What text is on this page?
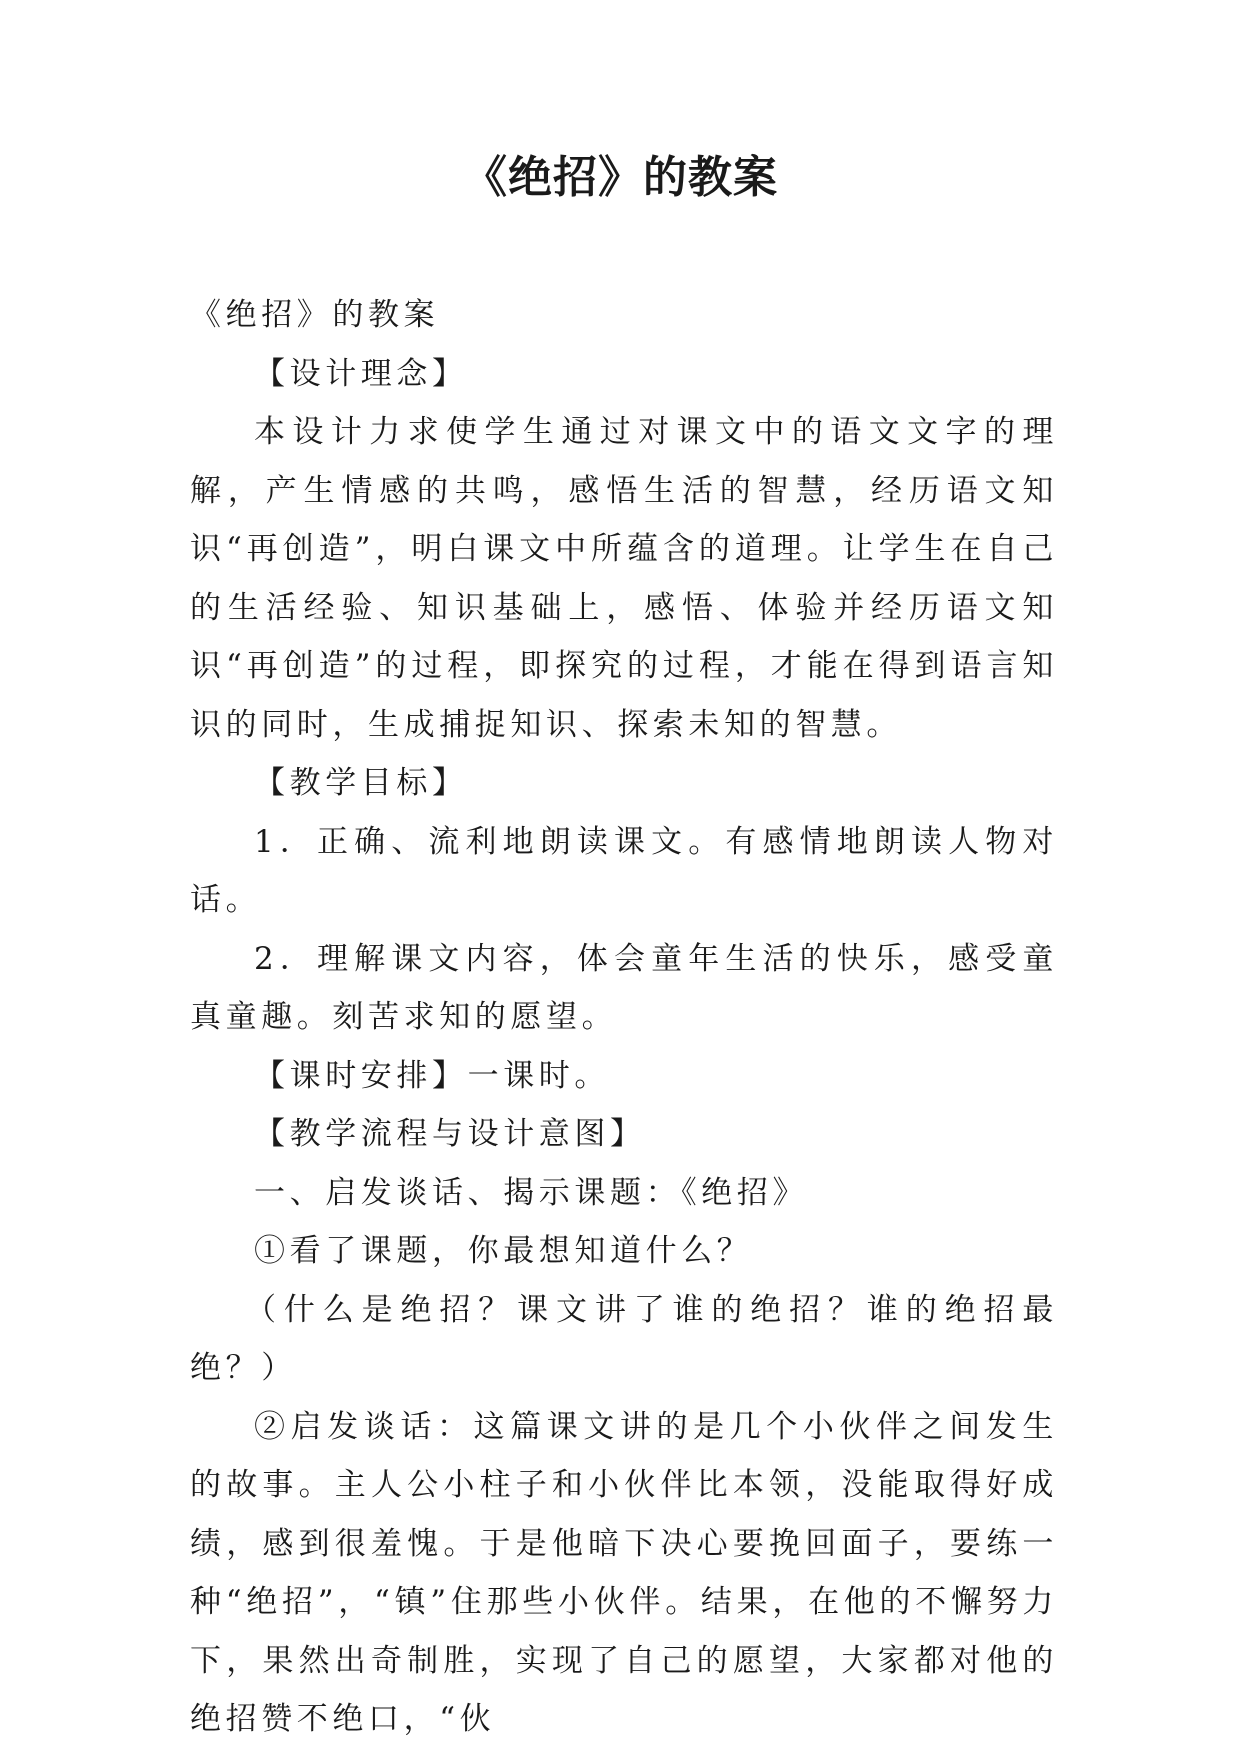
《绝招》的教案

《绝招》的教案

【设计理念】

本设计力求使学生通过对课文中的语文文字的理解，产生情感的共鸣，感悟生活的智慧，经历语文知识“再创造”，明白课文中所蕴含的道理。让学生在自己的生活经验、知识基础上，感悟、体验并经历语文知识“再创造”的过程，即探究的过程，才能在得到语言知识的同时，生成捕捉知识、探索未知的智慧。

【教学目标】

1．正确、流利地朗读课文。有感情地朗读人物对话。

2．理解课文内容，体会童年生活的快乐，感受童真童趣。刻苦求知的愿望。

【课时安排】一课时。

【教学流程与设计意图】

一、启发谈话、揭示课题：《绝招》

①看了课题，你最想知道什么？

（什么是绝招？课文讲了谁的绝招？谁的绝招最绝？）

②启发谈话：这篇课文讲的是几个小伙伴之间发生的故事。主人公小柱子和小伙伴比本领，没能取得好成绩，感到很羞愧。于是他暗下决心要挽回面子，要练一种“绝招”，“镇”住那些小伙伴。结果，在他的不懈努力下，果然出奇制胜，实现了自己的愿望，大家都对他的绝招赞不绝口，“伙
